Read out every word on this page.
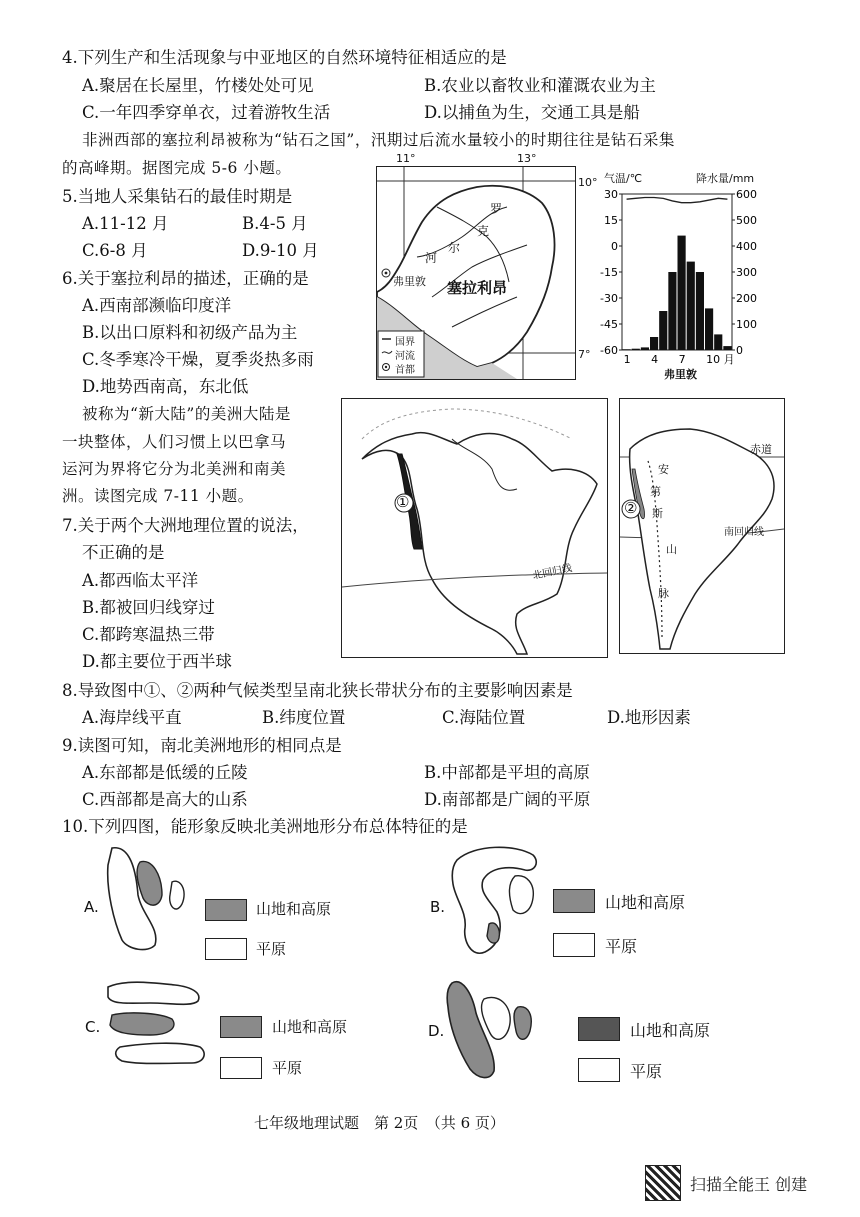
4.下列生产和生活现象与中亚地区的自然环境特征相适应的是
A.聚居在长屋里，竹楼处处可见	B.农业以畜牧业和灌溉农业为主
C.一年四季穿单衣，过着游牧生活	D.以捕鱼为生，交通工具是船
非洲西部的塞拉利昂被称为“钻石之国”，汛期过后流水量较小的时期往往是钻石采集
的高峰期。据图完成 5-6 小题。
5.当地人采集钻石的最佳时期是
A.11-12 月	B.4-5 月
C.6-8 月	D.9-10 月
6.关于塞拉利昂的描述，正确的是
A.西南部濒临印度洋
B.以出口原料和初级产品为主
C.冬季寒冷干燥，夏季炎热多雨
D.地势西南高，东北低
11°	13°
10°
7°
罗
克
尔
河
弗里敦 塞拉利昂
国界
河流
首都
气温/℃	降水量/mm
30
15
0
-15
-30
-45
-60
600
500
400
300
200
100
0
1 4 7 10 月
弗里敦
被称为“新大陆”的美洲大陆是
一块整体，人们习惯上以巴拿马
运河为界将它分为北美洲和南美
洲。读图完成 7-11 小题。
7.关于两个大洲地理位置的说法，
不正确的是
A.都西临太平洋
B.都被回归线穿过
C.都跨寒温热三带
D.都主要位于西半球
①
北回归线
②
赤道
南回归线
安
第
斯
山
脉
8.导致图中①、②两种气候类型呈南北狭长带状分布的主要影响因素是
A.海岸线平直	B.纬度位置	C.海陆位置	D.地形因素
9.读图可知，南北美洲地形的相同点是
A.东部都是低缓的丘陵	B.中部都是平坦的高原
C.西部都是高大的山系	D.南部都是广阔的平原
10.下列四图，能形象反映北美洲地形分布总体特征的是
A.	山地和高原
平原
B.	山地和高原
平原
C.	山地和高原
平原
D.	山地和高原
平原
七年级地理试题　第 2页　（共 6 页）
扫描全能王 创建
